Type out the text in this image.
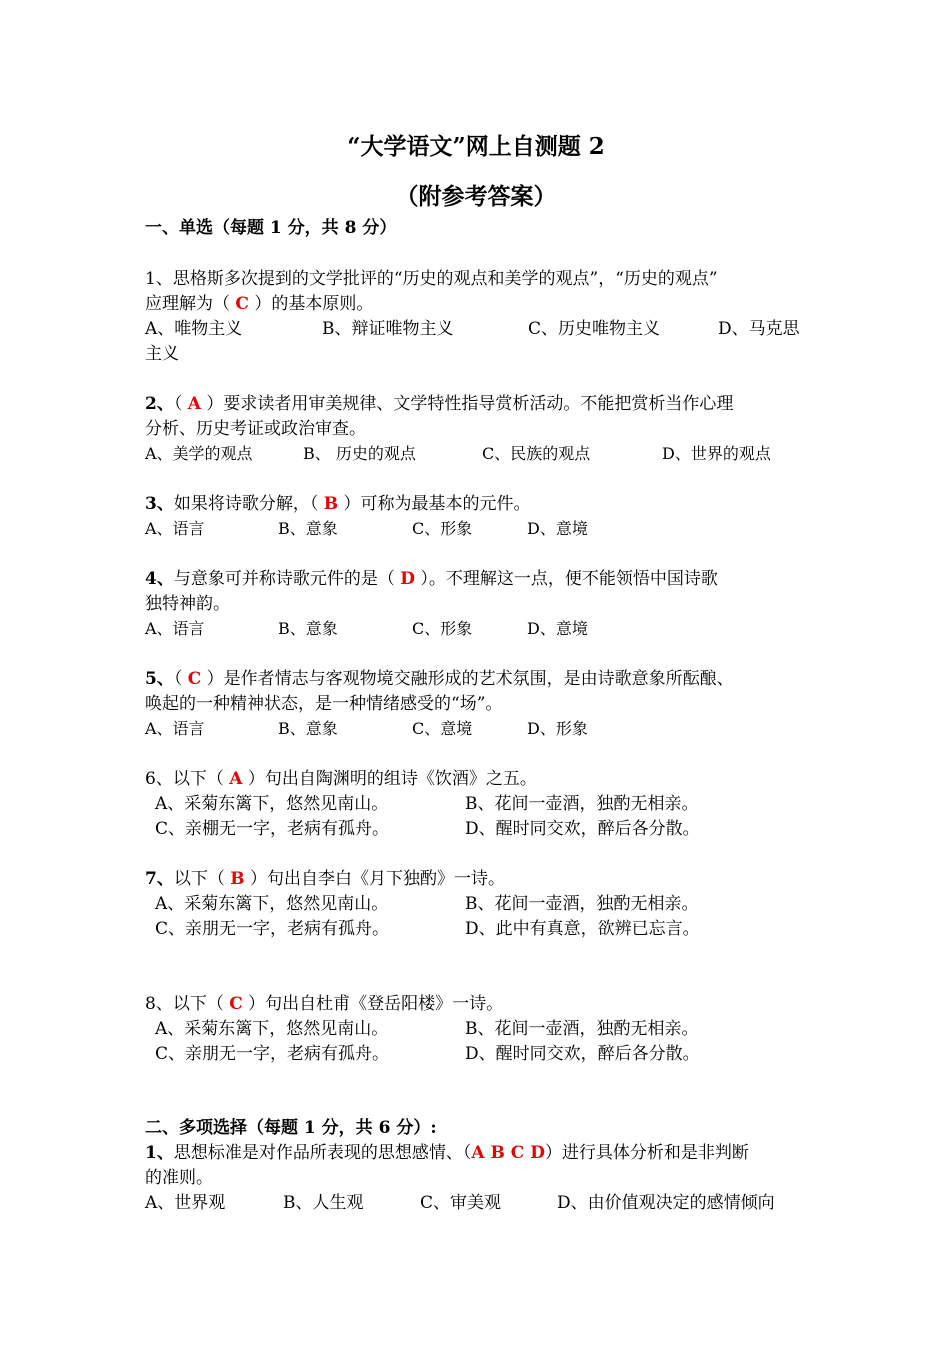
“大学语文”网上自测题 2
（附参考答案）
一、单选（每题 1 分，共 8 分）
1、思格斯多次提到的文学批评的“历史的观点和美学的观点”，“历史的观点”
应理解为（ C ）的基本原则。
A、唯物主义	B、辩证唯物主义	C、历史唯物主义	D、马克思
主义
2、（ A ）要求读者用审美规律、文学特性指导赏析活动。不能把赏析当作心理
分析、历史考证或政治审查。
A、美学的观点	B、 历史的观点	C、民族的观点	D、世界的观点
3、如果将诗歌分解，（ B ）可称为最基本的元件。
A、语言	B、意象	C、形象	D、意境
4、与意象可并称诗歌元件的是（ D ）。不理解这一点，便不能领悟中国诗歌
独特神韵。
A、语言	B、意象	C、形象	D、意境
5、（ C ）是作者情志与客观物境交融形成的艺术氛围，是由诗歌意象所酝酿、
唤起的一种精神状态，是一种情绪感受的“场”。
A、语言	B、意象	C、意境	D、形象
6、以下（ A ）句出自陶渊明的组诗《饮酒》之五。
A、采菊东篱下，悠然见南山。	B、花间一壶酒，独酌无相亲。
C、亲棚无一字，老病有孤舟。	D、醒时同交欢，醉后各分散。
7、以下（ B ）句出自李白《月下独酌》一诗。
A、采菊东篱下，悠然见南山。	B、花间一壶酒，独酌无相亲。
C、亲朋无一字，老病有孤舟。	D、此中有真意，欲辨已忘言。
8、以下（ C ）句出自杜甫《登岳阳楼》一诗。
A、采菊东篱下，悠然见南山。	B、花间一壶酒，独酌无相亲。
C、亲朋无一字，老病有孤舟。	D、醒时同交欢，醉后各分散。
二、多项选择（每题 1 分，共 6 分）:
1、思想标准是对作品所表现的思想感情、（A B C D）进行具体分析和是非判断
的准则。
A、世界观	B、人生观	C、审美观	D、由价值观决定的感情倾向
